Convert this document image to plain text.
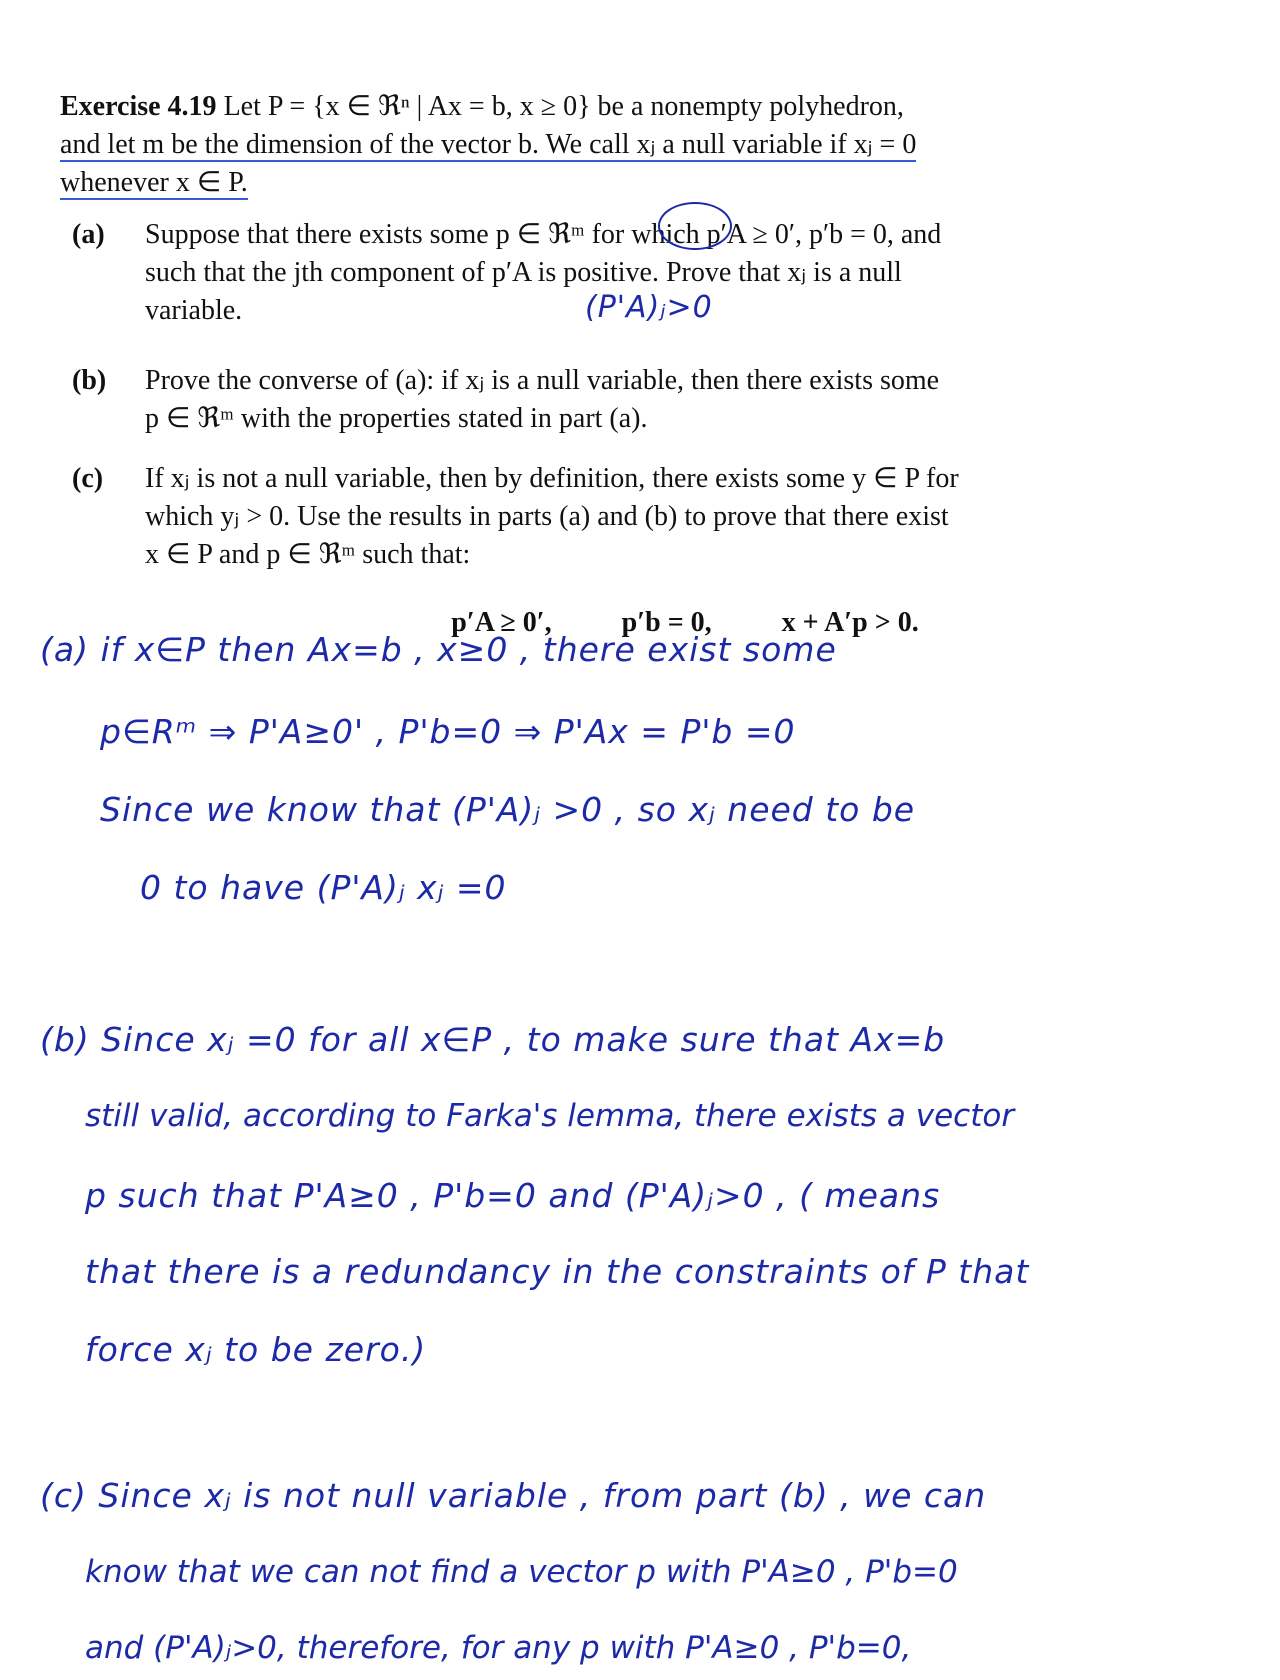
Exercise 4.19 Let P = {x ∈ ℜⁿ | Ax = b, x ≥ 0} be a nonempty polyhedron,
and let m be the dimension of the vector b. We call xⱼ a null variable if xⱼ = 0
whenever x ∈ P.

(a) Suppose that there exists some p ∈ ℜᵐ for which p′A ≥ 0′, p′b = 0, and
such that the jth component of p′A is positive. Prove that xⱼ is a null
variable.
(b) Prove the converse of (a): if xⱼ is a null variable, then there exists some
p ∈ ℜᵐ with the properties stated in part (a).
(c) If xⱼ is not a null variable, then by definition, there exists some y ∈ P for
which yⱼ > 0. Use the results in parts (a) and (b) to prove that there exist
x ∈ P and p ∈ ℜᵐ such that:
p′A ≥ 0′,	p′b = 0,	x + A′p > 0.
(P'A)ⱼ>0
(a) if x∈P then Ax=b , x≥0 , there exist some
p∈Rᵐ ⇒ P'A≥0' , P'b=0 ⇒ P'Ax = P'b =0
Since we know that (P'A)ⱼ >0 , so xⱼ need to be
0 to have (P'A)ⱼ xⱼ =0
(b) Since xⱼ =0 for all x∈P , to make sure that Ax=b
still valid, according to Farka's lemma, there exists a vector
p such that P'A≥0 , P'b=0 and (P'A)ⱼ>0 , ( means
that there is a redundancy in the constraints of P that
force xⱼ to be zero.)
(c) Since xⱼ is not null variable , from part (b) , we can
know that we can not find a vector p with P'A≥0 , P'b=0
and (P'A)ⱼ>0, therefore, for any p with P'A≥0 , P'b=0,
